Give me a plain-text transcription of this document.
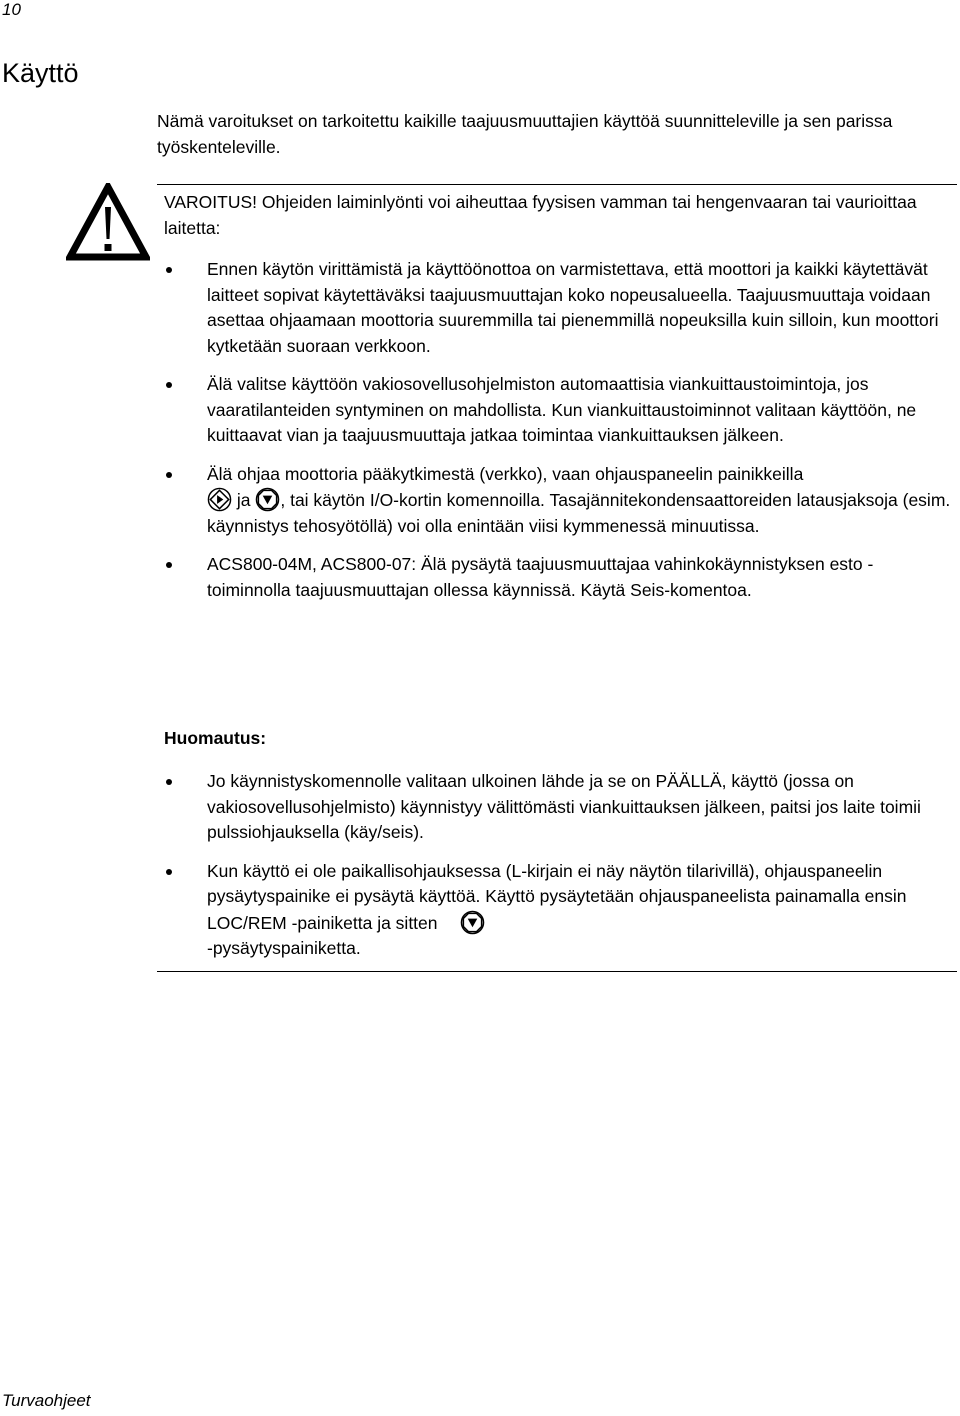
10
Käyttö

Nämä varoitukset on tarkoitettu kaikille taajuusmuuttajien käyttöä suunnitteleville ja sen parissa työskenteleville.

VAROITUS! Ohjeiden laiminlyönti voi aiheuttaa fyysisen vamman tai hengenvaaran tai vaurioittaa laitetta:

Ennen käytön virittämistä ja käyttöönottoa on varmistettava, että moottori ja kaikki käytettävät laitteet sopivat käytettäväksi taajuusmuuttajan koko nopeusalueella. Taajuusmuuttaja voidaan asettaa ohjaamaan moottoria suuremmilla tai pienemmillä nopeuksilla kuin silloin, kun moottori kytketään suoraan verkkoon.
Älä valitse käyttöön vakiosovellusohjelmiston automaattisia viankuittaustoimintoja, jos vaaratilanteiden syntyminen on mahdollista. Kun viankuittaustoiminnot valitaan käyttöön, ne kuittaavat vian ja taajuusmuuttaja jatkaa toimintaa viankuittauksen jälkeen.
Älä ohjaa moottoria pääkytkimestä (verkko), vaan ohjauspaneelin painikkeilla
ja , tai käytön I/O-kortin komennoilla. Tasajännitekondensaattoreiden latausjaksoja (esim. käynnistys tehosyötöllä) voi olla enintään viisi kymmenessä minuutissa.
ACS800-04M, ACS800-07: Älä pysäytä taajuusmuuttajaa vahinkokäynnistyksen esto -toiminnolla taajuusmuuttajan ollessa käynnissä. Käytä Seis-komentoa.
Huomautus:
Jo käynnistyskomennolle valitaan ulkoinen lähde ja se on PÄÄLLÄ, käyttö (jossa on vakiosovellusohjelmisto) käynnistyy välittömästi viankuittauksen jälkeen, paitsi jos laite toimii pulssiohjauksella (käy/seis).
Kun käyttö ei ole paikallisohjauksessa (L-kirjain ei näy näytön tilarivillä), ohjauspaneelin pysäytyspainike ei pysäytä käyttöä. Käyttö pysäytetään ohjauspaneelista painamalla ensin LOC/REM -painiketta ja sitten
-pysäytyspainiketta.
Turvaohjeet
